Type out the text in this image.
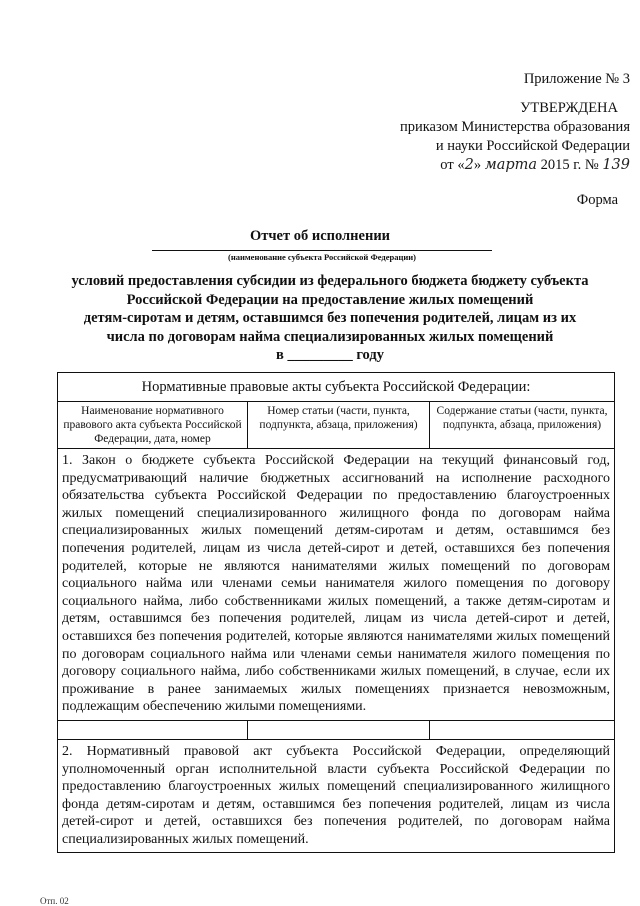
Приложение № 3
УТВЕРЖДЕНА
приказом Министерства образования
и науки Российской Федерации
от «2» марта 2015 г. № 139
Форма
Отчет об исполнении
(наименование субъекта Российской Федерации)
условий предоставления субсидии из федерального бюджета бюджету субъекта
Российской Федерации на предоставление жилых помещений
детям-сиротам и детям, оставшимся без попечения родителей, лицам из их
числа по договорам найма специализированных жилых помещений
в _________ году
Нормативные правовые акты субъекта Российской Федерации:
Наименование нормативного правового акта субъекта Российской Федерации, дата, номер
Номер статьи (части, пункта, подпункта, абзаца, приложения)
Содержание статьи (части, пункта, подпункта, абзаца, приложения)
1. Закон о бюджете субъекта Российской Федерации на текущий финансовый год, предусматривающий наличие бюджетных ассигнований на исполнение расходного обязательства субъекта Российской Федерации по предоставлению благоустроенных жилых помещений специализированного жилищного фонда по договорам найма специализированных жилых помещений детям-сиротам и детям, оставшимся без попечения родителей, лицам из числа детей-сирот и детей, оставшихся без попечения родителей, которые не являются нанимателями жилых помещений по договорам социального найма или членами семьи нанимателя жилого помещения по договору социального найма, либо собственниками жилых помещений, а также детям-сиротам и детям, оставшимся без попечения родителей, лицам из числа детей-сирот и детей, оставшихся без попечения родителей, которые являются нанимателями жилых помещений по договорам социального найма или членами семьи нанимателя жилого помещения по договору социального найма, либо собственниками жилых помещений, в случае, если их проживание в ранее занимаемых жилых помещениях признается невозможным, подлежащим обеспечению жилыми помещениями.
2. Нормативный правовой акт субъекта Российской Федерации, определяющий уполномоченный орган исполнительной власти субъекта Российской Федерации по предоставлению благоустроенных жилых помещений специализированного жилищного фонда детям-сиротам и детям, оставшимся без попечения родителей, лицам из числа детей-сирот и детей, оставшихся без попечения родителей, по договорам найма специализированных жилых помещений.
Отп. 02
